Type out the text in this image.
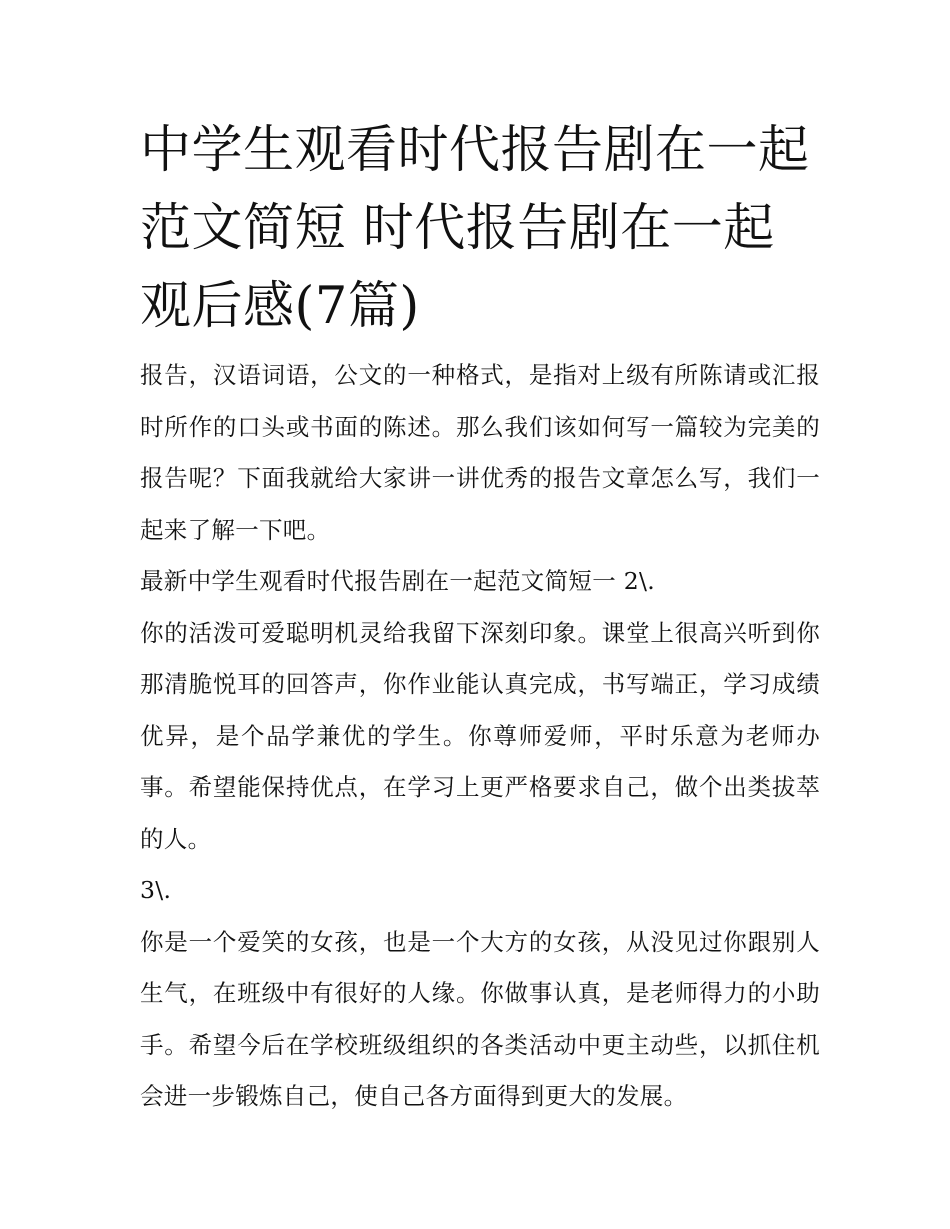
中学生观看时代报告剧在一起范文简短 时代报告剧在一起观后感(7篇)

报告，汉语词语，公文的一种格式，是指对上级有所陈请或汇报时所作的口头或书面的陈述。那么我们该如何写一篇较为完美的报告呢？下面我就给大家讲一讲优秀的报告文章怎么写，我们一起来了解一下吧。

最新中学生观看时代报告剧在一起范文简短一 2\.

你的活泼可爱聪明机灵给我留下深刻印象。课堂上很高兴听到你那清脆悦耳的回答声，你作业能认真完成，书写端正，学习成绩优异，是个品学兼优的学生。你尊师爱师，平时乐意为老师办事。希望能保持优点，在学习上更严格要求自己，做个出类拔萃的人。

3\.

你是一个爱笑的女孩，也是一个大方的女孩，从没见过你跟别人生气，在班级中有很好的人缘。你做事认真，是老师得力的小助手。希望今后在学校班级组织的各类活动中更主动些，以抓住机会进一步锻炼自己，使自己各方面得到更大的发展。
